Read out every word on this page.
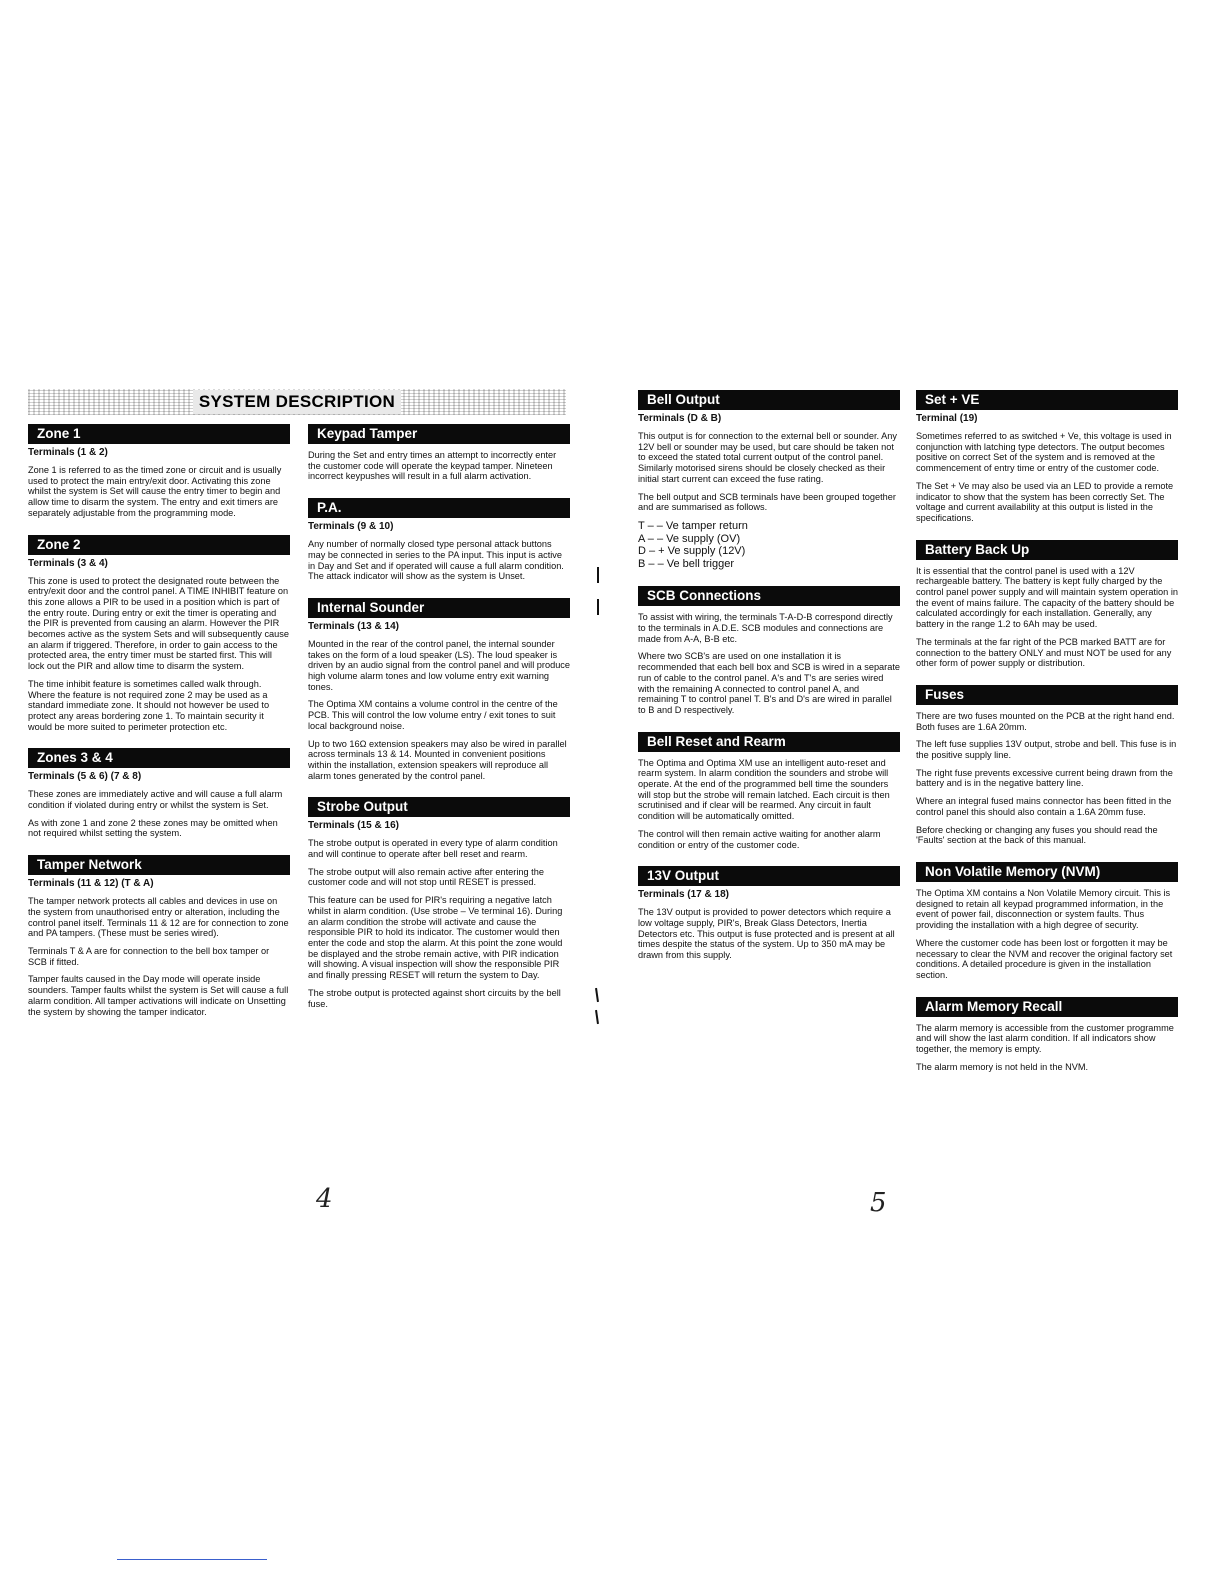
SYSTEM DESCRIPTION
Zone 1
Terminals (1 & 2)

Zone 1 is referred to as the timed zone or circuit and is usually used to protect the main entry/exit door. Activating this zone whilst the system is Set will cause the entry timer to begin and allow time to disarm the system. The entry and exit timers are separately adjustable from the programming mode.

Zone 2
Terminals (3 & 4)

This zone is used to protect the designated route between the entry/exit door and the control panel. A TIME INHIBIT feature on this zone allows a PIR to be used in a position which is part of the entry route. During entry or exit the timer is operating and the PIR is prevented from causing an alarm. However the PIR becomes active as the system Sets and will subsequently cause an alarm if triggered. Therefore, in order to gain access to the protected area, the entry timer must be started first. This will lock out the PIR and allow time to disarm the system.

The time inhibit feature is sometimes called walk through. Where the feature is not required zone 2 may be used as a standard immediate zone. It should not however be used to protect any areas bordering zone 1. To maintain security it would be more suited to perimeter protection etc.

Zones 3 & 4
Terminals (5 & 6) (7 & 8)

These zones are immediately active and will cause a full alarm condition if violated during entry or whilst the system is Set.

As with zone 1 and zone 2 these zones may be omitted when not required whilst setting the system.

Tamper Network
Terminals (11 & 12) (T & A)

The tamper network protects all cables and devices in use on the system from unauthorised entry or alteration, including the control panel itself. Terminals 11 & 12 are for connection to zone and PA tampers. (These must be series wired).

Terminals T & A are for connection to the bell box tamper or SCB if fitted.

Tamper faults caused in the Day mode will operate inside sounders. Tamper faults whilst the system is Set will cause a full alarm condition. All tamper activations will indicate on Unsetting the system by showing the tamper indicator.

Keypad Tamper

During the Set and entry times an attempt to incorrectly enter the customer code will operate the keypad tamper. Nineteen incorrect keypushes will result in a full alarm activation.

P.A.
Terminals (9 & 10)

Any number of normally closed type personal attack buttons may be connected in series to the PA input. This input is active in Day and Set and if operated will cause a full alarm condition. The attack indicator will show as the system is Unset.

Internal Sounder
Terminals (13 & 14)

Mounted in the rear of the control panel, the internal sounder takes on the form of a loud speaker (LS). The loud speaker is driven by an audio signal from the control panel and will produce high volume alarm tones and low volume entry exit warning tones.

The Optima XM contains a volume control in the centre of the PCB. This will control the low volume entry / exit tones to suit local background noise.

Up to two 16Ω extension speakers may also be wired in parallel across terminals 13 & 14. Mounted in convenient positions within the installation, extension speakers will reproduce all alarm tones generated by the control panel.

Strobe Output
Terminals (15 & 16)

The strobe output is operated in every type of alarm condition and will continue to operate after bell reset and rearm.

The strobe output will also remain active after entering the customer code and will not stop until RESET is pressed.

This feature can be used for PIR's requiring a negative latch whilst in alarm condition. (Use strobe – Ve terminal 16). During an alarm condition the strobe will activate and cause the responsible PIR to hold its indicator. The customer would then enter the code and stop the alarm. At this point the zone would be displayed and the strobe remain active, with PIR indication will showing. A visual inspection will show the responsible PIR and finally pressing RESET will return the system to Day.

The strobe output is protected against short circuits by the bell fuse.

Bell Output
Terminals (D & B)

This output is for connection to the external bell or sounder. Any 12V bell or sounder may be used, but care should be taken not to exceed the stated total current output of the control panel. Similarly motorised sirens should be closely checked as their initial start current can exceed the fuse rating.

The bell output and SCB terminals have been grouped together and are summarised as follows.

T – – Ve tamper return
A – – Ve supply (OV)
D – + Ve supply (12V)
B – – Ve bell trigger
SCB Connections

To assist with wiring, the terminals T-A-D-B correspond directly to the terminals in A.D.E. SCB modules and connections are made from A-A, B-B etc.

Where two SCB's are used on one installation it is recommended that each bell box and SCB is wired in a separate run of cable to the control panel. A's and T's are series wired with the remaining A connected to control panel A, and remaining T to control panel T. B's and D's are wired in parallel to B and D respectively.

Bell Reset and Rearm

The Optima and Optima XM use an intelligent auto-reset and rearm system. In alarm condition the sounders and strobe will operate. At the end of the programmed bell time the sounders will stop but the strobe will remain latched. Each circuit is then scrutinised and if clear will be rearmed. Any circuit in fault condition will be automatically omitted.

The control will then remain active waiting for another alarm condition or entry of the customer code.

13V Output
Terminals (17 & 18)

The 13V output is provided to power detectors which require a low voltage supply, PIR's, Break Glass Detectors, Inertia Detectors etc. This output is fuse protected and is present at all times despite the status of the system. Up to 350 mA may be drawn from this supply.

Set + VE
Terminal (19)

Sometimes referred to as switched + Ve, this voltage is used in conjunction with latching type detectors. The output becomes positive on correct Set of the system and is removed at the commencement of entry time or entry of the customer code.

The Set + Ve may also be used via an LED to provide a remote indicator to show that the system has been correctly Set. The voltage and current availability at this output is listed in the specifications.

Battery Back Up

It is essential that the control panel is used with a 12V rechargeable battery. The battery is kept fully charged by the control panel power supply and will maintain system operation in the event of mains failure. The capacity of the battery should be calculated accordingly for each installation. Generally, any battery in the range 1.2 to 6Ah may be used.

The terminals at the far right of the PCB marked BATT are for connection to the battery ONLY and must NOT be used for any other form of power supply or distribution.

Fuses

There are two fuses mounted on the PCB at the right hand end. Both fuses are 1.6A 20mm.

The left fuse supplies 13V output, strobe and bell. This fuse is in the positive supply line.

The right fuse prevents excessive current being drawn from the battery and is in the negative battery line.

Where an integral fused mains connector has been fitted in the control panel this should also contain a 1.6A 20mm fuse.

Before checking or changing any fuses you should read the 'Faults' section at the back of this manual.

Non Volatile Memory (NVM)

The Optima XM contains a Non Volatile Memory circuit. This is designed to retain all keypad programmed information, in the event of power fail, disconnection or system faults. Thus providing the installation with a high degree of security.

Where the customer code has been lost or forgotten it may be necessary to clear the NVM and recover the original factory set conditions. A detailed procedure is given in the installation section.

Alarm Memory Recall

The alarm memory is accessible from the customer programme and will show the last alarm condition. If all indicators show together, the memory is empty.

The alarm memory is not held in the NVM.

4	5
